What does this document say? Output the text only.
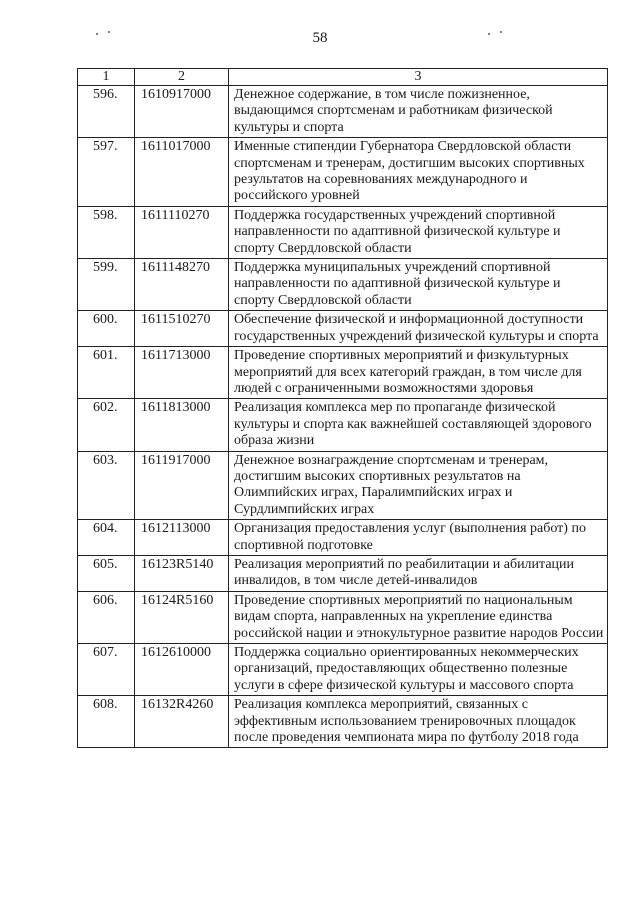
58
1	2	3
596.	1610917000	Денежное содержание, в том числе пожизненное, выдающимся спортсменам и работникам физической культуры и спорта
597.	1611017000	Именные стипендии Губернатора Свердловской области спортсменам и тренерам, достигшим высоких спортивных результатов на соревнованиях международного и российского уровней
598.	1611110270	Поддержка государственных учреждений спортивной направленности по адаптивной физической культуре и спорту Свердловской области
599.	1611148270	Поддержка муниципальных учреждений спортивной направленности по адаптивной физической культуре и спорту Свердловской области
600.	1611510270	Обеспечение физической и информационной доступности государственных учреждений физической культуры и спорта
601.	1611713000	Проведение спортивных мероприятий и физкультурных мероприятий для всех категорий граждан, в том числе для людей с ограниченными возможностями здоровья
602.	1611813000	Реализация комплекса мер по пропаганде физической культуры и спорта как важнейшей составляющей здорового образа жизни
603.	1611917000	Денежное вознаграждение спортсменам и тренерам, достигшим высоких спортивных результатов на Олимпийских играх, Паралимпийских играх и Сурдлимпийских играх
604.	1612113000	Организация предоставления услуг (выполнения работ) по спортивной подготовке
605.	16123R5140	Реализация мероприятий по реабилитации и абилитации инвалидов, в том числе детей-инвалидов
606.	16124R5160	Проведение спортивных мероприятий по национальным видам спорта, направленных на укрепление единства российской нации и этнокультурное развитие народов России
607.	1612610000	Поддержка социально ориентированных некоммерческих организаций, предоставляющих общественно полезные услуги в сфере физической культуры и массового спорта
608.	16132R4260	Реализация комплекса мероприятий, связанных с эффективным использованием тренировочных площадок после проведения чемпионата мира по футболу 2018 года
